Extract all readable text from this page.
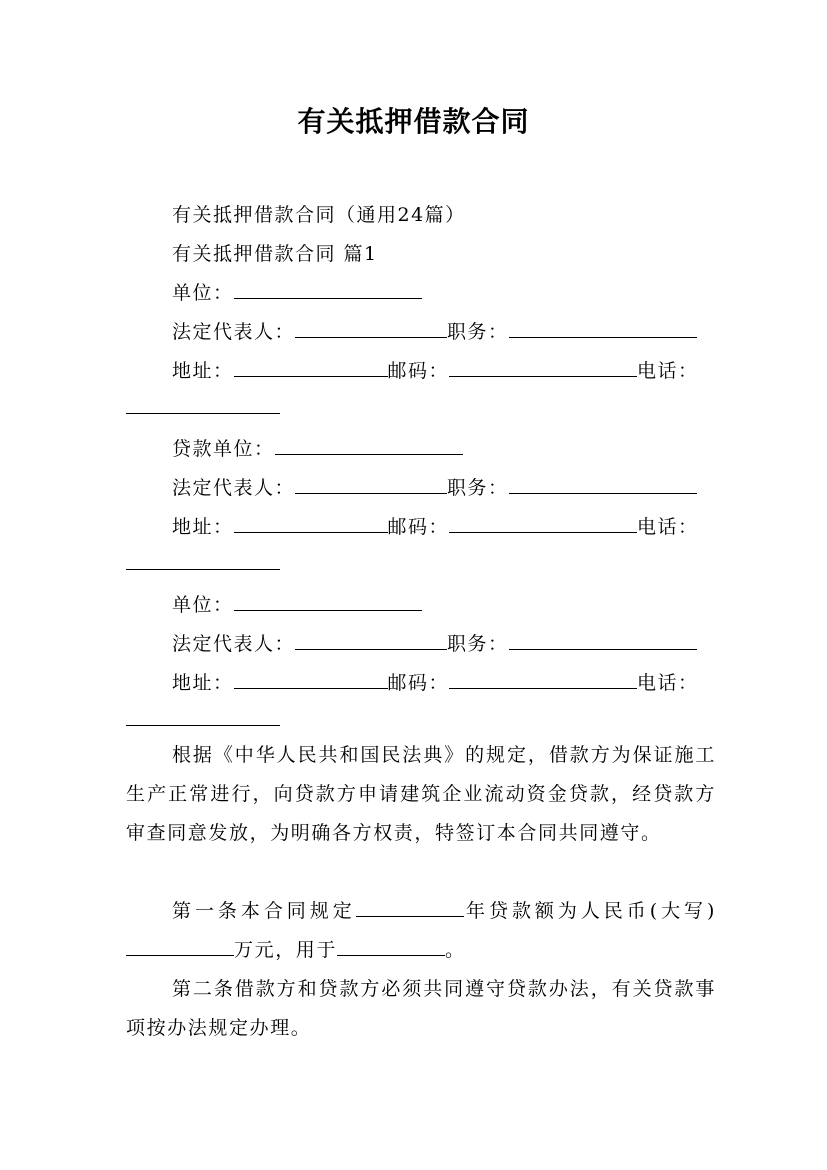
有关抵押借款合同
有关抵押借款合同（通用24篇）
有关抵押借款合同 篇1
单位：
法定代表人：	职务：
地址：	邮码：	电话：
贷款单位：
法定代表人：	职务：
地址：	邮码：	电话：
单位：
法定代表人：	职务：
地址：	邮码：	电话：
根据《中华人民共和国民法典》的规定，借款方为保证施工生产正常进行，向贷款方申请建筑企业流动资金贷款，经贷款方审查同意发放，为明确各方权责，特签订本合同共同遵守。
第一条本合同规定	年贷款额为人民币(大写)万元，用于	。
第二条借款方和贷款方必须共同遵守贷款办法，有关贷款事项按办法规定办理。
